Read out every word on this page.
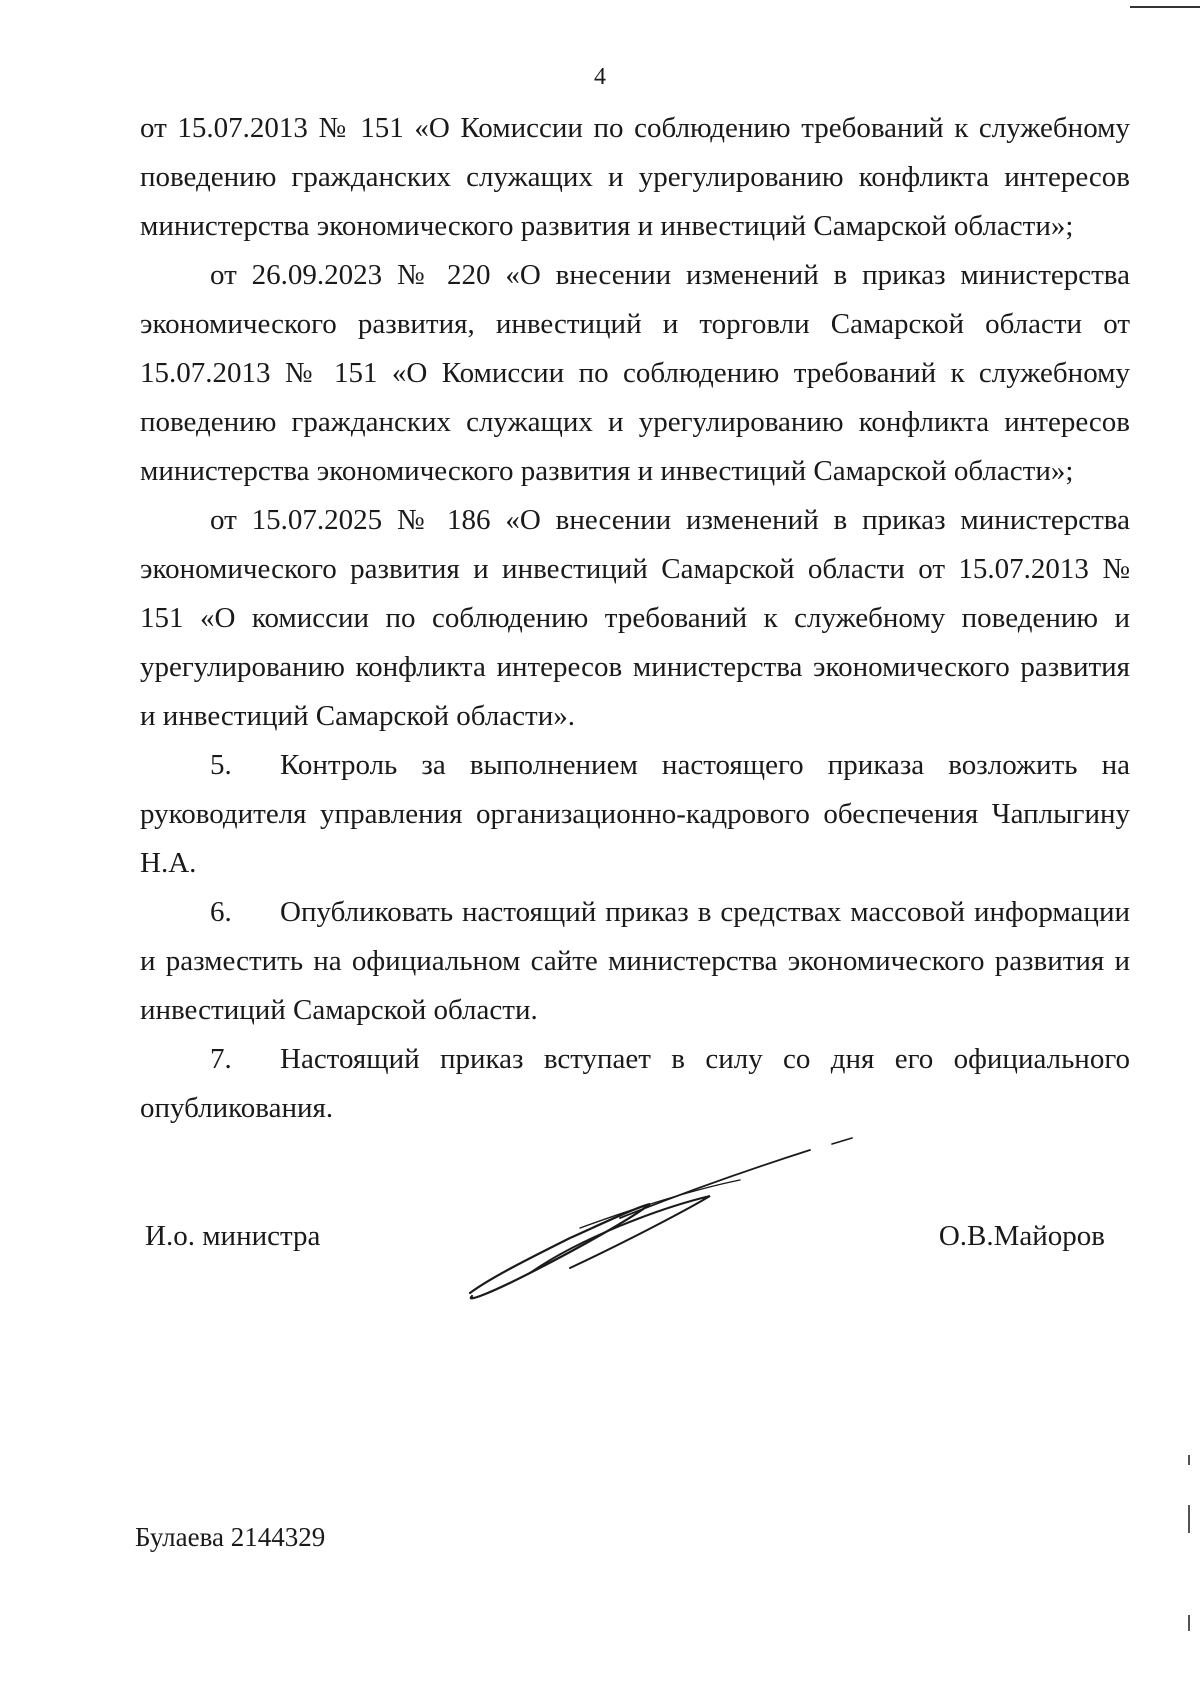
4

от 15.07.2013 № 151 «О Комиссии по соблюдению требований к служебному поведению гражданских служащих и урегулированию конфликта интересов министерства экономического развития и инвестиций Самарской области»;

от 26.09.2023 № 220 «О внесении изменений в приказ министерства экономического развития, инвестиций и торговли Самарской области от 15.07.2013 № 151 «О Комиссии по соблюдению требований к служебному поведению гражданских служащих и урегулированию конфликта интересов министерства экономического развития и инвестиций Самарской области»;

от 15.07.2025 № 186 «О внесении изменений в приказ министерства экономического развития и инвестиций Самарской области от 15.07.2013 № 151 «О комиссии по соблюдению требований к служебному поведению и урегулированию конфликта интересов министерства экономического развития и инвестиций Самарской области».

5. Контроль за выполнением настоящего приказа возложить на руководителя управления организационно-кадрового обеспечения Чаплыгину Н.А.

6. Опубликовать настоящий приказ в средствах массовой информации и разместить на официальном сайте министерства экономического развития и инвестиций Самарской области.

7. Настоящий приказ вступает в силу со дня его официального опубликования.

И.о. министра	О.В.Майоров
Булаева 2144329
